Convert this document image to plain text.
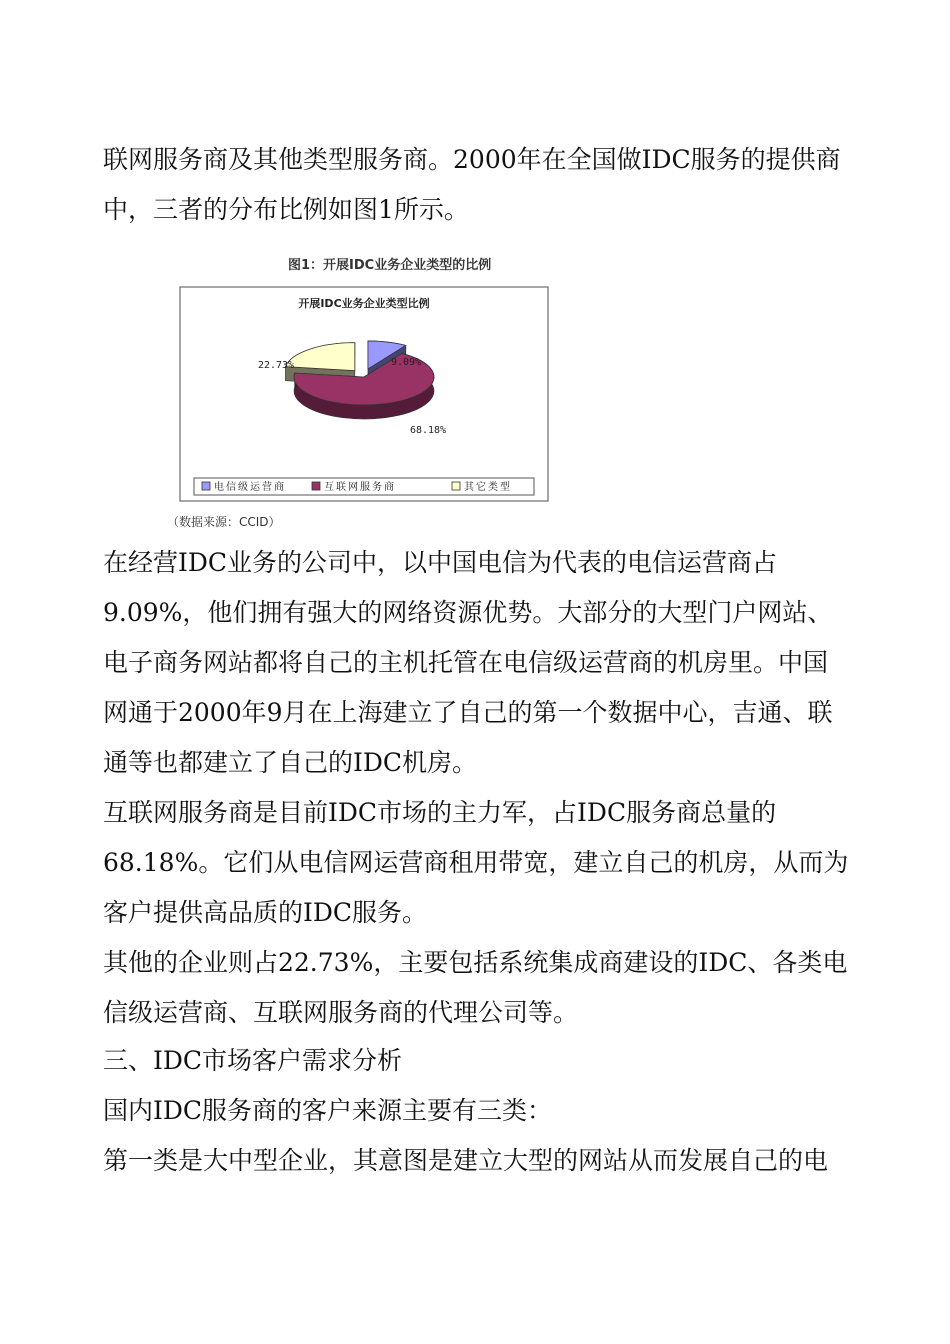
联网服务商及其他类型服务商。2000年在全国做IDC服务的提供商
中，三者的分布比例如图1所示。

图1：开展IDC业务企业类型的比例
开展IDC业务企业类型比例
9.09%
68.18%
22.73%
电信级运营商	互联网服务商	其它类型
（数据来源：CCID）

在经营IDC业务的公司中，以中国电信为代表的电信运营商占
9.09%，他们拥有强大的网络资源优势。大部分的大型门户网站、
电子商务网站都将自己的主机托管在电信级运营商的机房里。中国
网通于2000年9月在上海建立了自己的第一个数据中心，吉通、联
通等也都建立了自己的IDC机房。

互联网服务商是目前IDC市场的主力军，占IDC服务商总量的
68.18%。它们从电信网运营商租用带宽，建立自己的机房，从而为
客户提供高品质的IDC服务。

其他的企业则占22.73%，主要包括系统集成商建设的IDC、各类电
信级运营商、互联网服务商的代理公司等。

三、IDC市场客户需求分析

国内IDC服务商的客户来源主要有三类：

第一类是大中型企业，其意图是建立大型的网站从而发展自己的电
